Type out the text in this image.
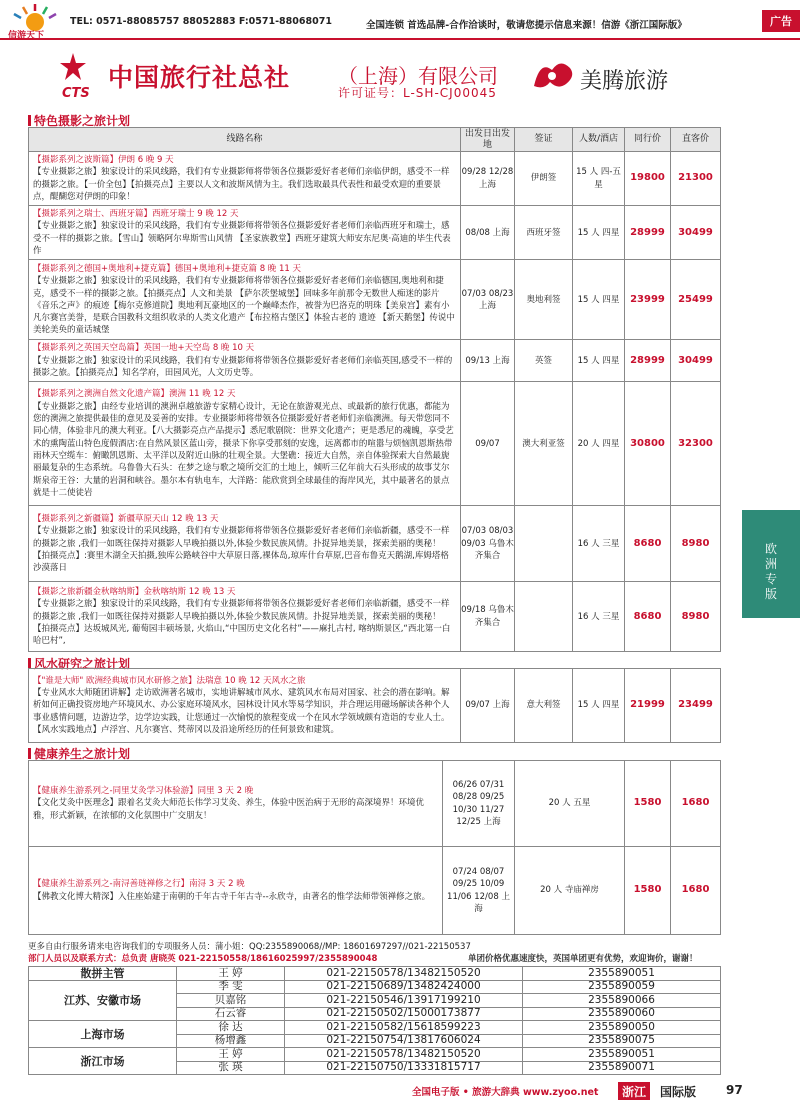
信游天下
TEL: 0571-88085757 88052883 F:0571-88068071	全国连锁 首选品牌-合作洽谈时，敬请您提示信息来源！信游《浙江国际版》	广告
CTS
中国旅行社总社 （上海）有限公司
许可证号：L-SH-CJ00045	美腾旅游
特色摄影之旅计划
线路名称	出发日出发地	签证	人数/酒店	同行价	直客价

【摄影系列之波斯篇】伊朗 6 晚 9 天
【专业摄影之旅】独家设计的采风线路，我们有专业摄影师将带领各位摄影爱好者老师们亲临伊朗，感受不一样的摄影之旅。【一价全包】【拍摄亮点】主要以人文和波斯风情为主。我们选取最具代表性和最受欢迎的重要景点，醍醐您对伊朗的印象！	09/28 12/28 上海	伊朗签	15 人 四-五星	19800	21300

【摄影系列之瑞士、西班牙篇】西班牙瑞士 9 晚 12 天
【专业摄影之旅】独家设计的采风线路，我们有专业摄影师将带领各位摄影爱好者老师们亲临西班牙和瑞士，感受不一样的摄影之旅。【雪山】领略阿尔卑斯雪山风情 【圣家族教堂】西班牙建筑大师安东尼奥·高迪的毕生代表作	08/08 上海	西班牙签	15 人 四星	28999	30499

【摄影系列之德国+奥地利+捷克篇】德国+奥地利+捷克篇 8 晚 11 天
【专业摄影之旅】独家设计的采风线路，我们有专业摄影师将带领各位摄影爱好者老师们亲临德国,奥地利和捷克，感受不一样的摄影之旅。【拍摄亮点】人文和美景 【萨尔茨堡城堡】回味多年前那令无数世人痴迷的影片《音乐之声》的痕迹【梅尔克修道院】奥地利瓦豪地区的一个巅峰杰作，被誉为巴洛克的明珠【美泉宫】素有小凡尔赛宫美誉，是联合国教科文组织收录的人类文化遗产【布拉格古堡区】体验古老的 遗迹 【新天鹅堡】传说中美轮美奂的童话城堡	07/03 08/23 上海	奥地利签	15 人 四星	23999	25499

【摄影系列之英国天空岛篇】英国一地+天空岛 8 晚 10 天
【专业摄影之旅】独家设计的采风线路，我们有专业摄影师将带领各位摄影爱好者老师们亲临英国,感受不一样的摄影之旅。【拍摄亮点】知名学府，田园风光，人文历史等。	09/13 上海	英签	15 人 四星	28999	30499

【摄影系列之澳洲自然文化遗产篇】澳洲 11 晚 12 天
【专业摄影之旅】由经专业培训的澳洲卓越旅游专家精心设计，无论在旅游观光点、或最新的旅行优惠，都能为您的澳洲之旅提供最佳的意见及妥善的安排。专业摄影师将带领各位摄影爱好者老师们亲临澳洲。每天带您同不同心情，体验非凡的澳大利亚。【八大摄影亮点产品提示】悉尼歌剧院：世界文化遗产；更是悉尼的魂魄，享受艺术的熏陶蓝山特色度假酒店:在自然风景区蓝山旁，摄录下你享受那刻的安逸，远离都市的喧嚣与烦恼凯恩斯热带雨林天空缆车：俯瞰凯恩斯、太平洋以及附近山脉的壮观全景。大堡礁：接近大自然，亲自体验探索大自然最旎丽最复杂的生态系统。乌鲁鲁大石头：在梦之途与歌之境所交汇的土地上，倾听三亿年前大石头形成的故事艾尔斯泉帝王谷：大量的岩洞和峡谷。墨尔本有轨电车，大洋路：能欣赏到全球最佳的海岸风光，其中最著名的景点就是十二使徒岩	09/07	澳大利亚签	20 人 四星	30800	32300

【摄影系列之新疆篇】新疆草原天山 12 晚 13 天
【专业摄影之旅】独家设计的采风线路，我们有专业摄影师将带领各位摄影爱好者老师们亲临新疆，感受不一样的摄影之旅 ,我们一如既往保持对摄影人早晚拍摄以外,体验少数民族风情。扑捉异地美景，探索美丽的奥秘！【拍摄亮点】:赛里木湖全天拍摄,独库公路峡谷中大草原日落,裸体岛,琼库什台草原,巴音布鲁克天鹅湖,库姆塔格沙漠落日	07/03 08/03 09/03 乌鲁木齐集合		16 人 三星	8680	8980

【摄影之旅新疆金秋喀纳斯】金秋喀纳斯 12 晚 13 天
【专业摄影之旅】独家设计的采风线路，我们有专业摄影师将带领各位摄影爱好者老师们亲临新疆，感受不一样的摄影之旅 ,我们一如既往保持对摄影人早晚拍摄以外,体验少数民族风情。扑捉异地美景，探索美丽的奥秘！【拍摄亮点】达坂城风光, 葡萄园丰硕场景, 火焰山,“中国历史文化名村”——麻扎古村, 喀纳斯景区,“西北第一白哈巴村”,	09/18 乌鲁木齐集合		16 人 三星	8680	8980
风水研究之旅计划
【"谁是大师" 欧洲经典城市风水研修之旅】法瑞意 10 晚 12 天风水之旅
【专业风水大师随团讲解】走访欧洲著名城市，实地讲解城市风水、建筑风水布局对国家、社会的潜在影响。解析如何正确投资房地产环境风水、办公家庭环境风水，园林设计风水等易学知识，并合理运用磁场解读各种个人事业感情问题，边游边学，边学边实践，让您通过一次愉悦的旅程变成一个在风水学领域颇有造诣的专业人士。【风水实践地点】卢浮宫、凡尔赛宫、梵蒂冈以及沿途所经历的任何景致和建筑。	09/07 上海	意大利签	15 人 四星	21999	23499
健康养生之旅计划
【健康养生游系列之-同里艾灸学习体验游】同里 3 天 2 晚
【文化艾灸中医理念】跟着名艾灸大师范长伟学习艾灸、养生，体验中医治病于无形的高深境界！环境优雅，形式新颖，在浓郁的文化氛围中广交朋友！	06/26 07/31 08/28 09/25 10/30 11/27 12/25 上海	20 人 五星	1580	1680

【健康养生游系列之-南浔善琏禅修之行】南浔 3 天 2 晚
【佛教文化博大精深】入住座始建于南朝的千年古寺千年古寺--永欣寺，由著名的惟学法师带领禅修之旅。	07/24 08/07 09/25 10/09 11/06 12/08 上海	20 人 寺庙禅房	1580	1680
欧洲专版
更多自由行服务请来电咨询我们的专项服务人员：蒲小姐：QQ:2355890068//MP: 18601697297//021-22150537
部门人员以及联系方式：总负责 唐晓英 021-22150558/18616025997/2355890048	单团价格优惠速度快，英国单团更有优势，欢迎询价，谢谢！
散拼主管	王 婷	021-22150578/13482150520	2355890051
江苏、安徽市场	季 雯	021-22150689/13482424000	2355890059
	贝嘉铭	021-22150546/13917199210	2355890066
	石云睿	021-22150502/15000173877	2355890060
上海市场	徐 达	021-22150582/15618599223	2355890050
	杨增鑫	021-22150754/13817606024	2355890075
浙江市场	王 婷	021-22150578/13482150520	2355890051
	张 瑛	021-22150750/13331815717	2355890071
全国电子版 • 旅游大辞典 www.zyoo.net	浙江	国际版 97
